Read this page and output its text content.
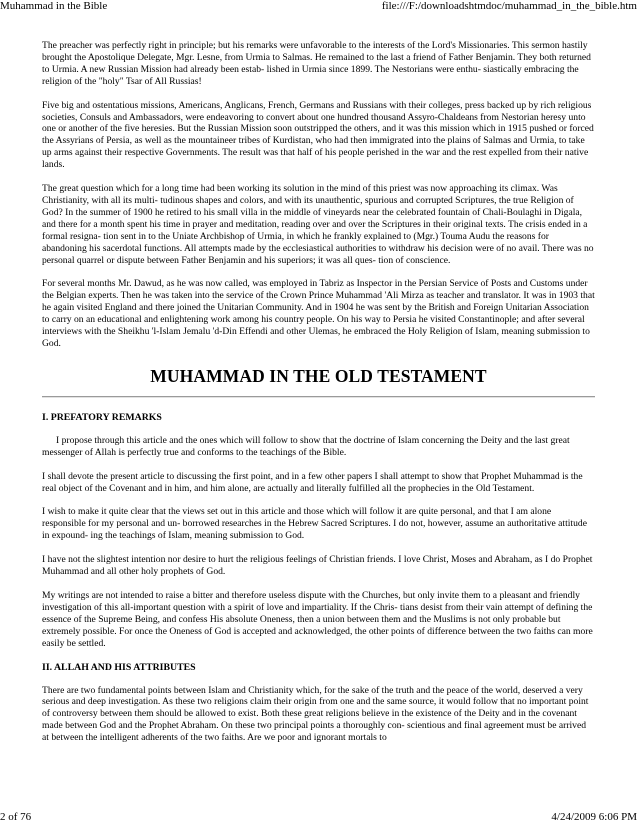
Muhammad in the Bible	file:///F:/downloadshtmdoc/muhammad_in_the_bible.htm

The preacher was perfectly right in principle; but his remarks were unfavorable to the interests of the Lord's Missionaries. This sermon hastily brought the Apostolique Delegate, Mgr. Lesne, from Urmia to Salmas. He remained to the last a friend of Father Benjamin. They both returned to Urmia. A new Russian Mission had already been estab- lished in Urmia since 1899. The Nestorians were enthu- siastically embracing the religion of the "holy" Tsar of All Russias!

Five big and ostentatious missions, Americans, Anglicans, French, Germans and Russians with their colleges, press backed up by rich religious societies, Consuls and Ambassadors, were endeavoring to convert about one hundred thousand Assyro-Chaldeans from Nestorian heresy unto one or another of the five heresies. But the Russian Mission soon outstripped the others, and it was this mission which in 1915 pushed or forced the Assyrians of Persia, as well as the mountaineer tribes of Kurdistan, who had then immigrated into the plains of Salmas and Urmia, to take up arms against their respective Governments. The result was that half of his people perished in the war and the rest expelled from their native lands.

The great question which for a long time had been working its solution in the mind of this priest was now approaching its climax. Was Christianity, with all its multi- tudinous shapes and colors, and with its unauthentic, spurious and corrupted Scriptures, the true Religion of God? In the summer of 1900 he retired to his small villa in the middle of vineyards near the celebrated fountain of Chali-Boulaghi in Digala, and there for a month spent his time in prayer and meditation, reading over and over the Scriptures in their original texts. The crisis ended in a formal resigna- tion sent in to the Uniate Archbishop of Urmia, in which he frankly explained to (Mgr.) Touma Audu the reasons for abandoning his sacerdotal functions. All attempts made by the ecclesiastical authorities to withdraw his decision were of no avail. There was no personal quarrel or dispute between Father Benjamin and his superiors; it was all ques- tion of conscience.

For several months Mr. Dawud, as he was now called, was employed in Tabriz as Inspector in the Persian Service of Posts and Customs under the Belgian experts. Then he was taken into the service of the Crown Prince Muhammad 'Ali Mirza as teacher and translator. It was in 1903 that he again visited England and there joined the Unitarian Community. And in 1904 he was sent by the British and Foreign Unitarian Association to carry on an educational and enlightening work among his country people. On his way to Persia he visited Constantinople; and after several interviews with the Sheikhu 'l-Islam Jemalu 'd-Din Effendi and other Ulemas, he embraced the Holy Religion of Islam, meaning submission to God.

MUHAMMAD IN THE OLD TESTAMENT
I. PREFATORY REMARKS

I propose through this article and the ones which will follow to show that the doctrine of Islam concerning the Deity and the last great messenger of Allah is perfectly true and conforms to the teachings of the Bible.

I shall devote the present article to discussing the first point, and in a few other papers I shall attempt to show that Prophet Muhammad is the real object of the Covenant and in him, and him alone, are actually and literally fulfilled all the prophecies in the Old Testament.

I wish to make it quite clear that the views set out in this article and those which will follow it are quite personal, and that I am alone responsible for my personal and un- borrowed researches in the Hebrew Sacred Scriptures. I do not, however, assume an authoritative attitude in expound- ing the teachings of Islam, meaning submission to God.

I have not the slightest intention nor desire to hurt the religious feelings of Christian friends. I love Christ, Moses and Abraham, as I do Prophet Muhammad and all other holy prophets of God.

My writings are not intended to raise a bitter and therefore useless dispute with the Churches, but only invite them to a pleasant and friendly investigation of this all-important question with a spirit of love and impartiality. If the Chris- tians desist from their vain attempt of defining the essence of the Supreme Being, and confess His absolute Oneness, then a union between them and the Muslims is not only probable but extremely possible. For once the Oneness of God is accepted and acknowledged, the other points of difference between the two faiths can more easily be settled.

II. ALLAH AND HIS ATTRIBUTES

There are two fundamental points between Islam and Christianity which, for the sake of the truth and the peace of the world, deserved a very serious and deep investigation. As these two religions claim their origin from one and the same source, it would follow that no important point of controversy between them should be allowed to exist. Both these great religions believe in the existence of the Deity and in the covenant made between God and the Prophet Abraham. On these two principal points a thoroughly con- scientious and final agreement must be arrived at between the intelligent adherents of the two faiths. Are we poor and ignorant mortals to

2 of 76	4/24/2009 6:06 PM
